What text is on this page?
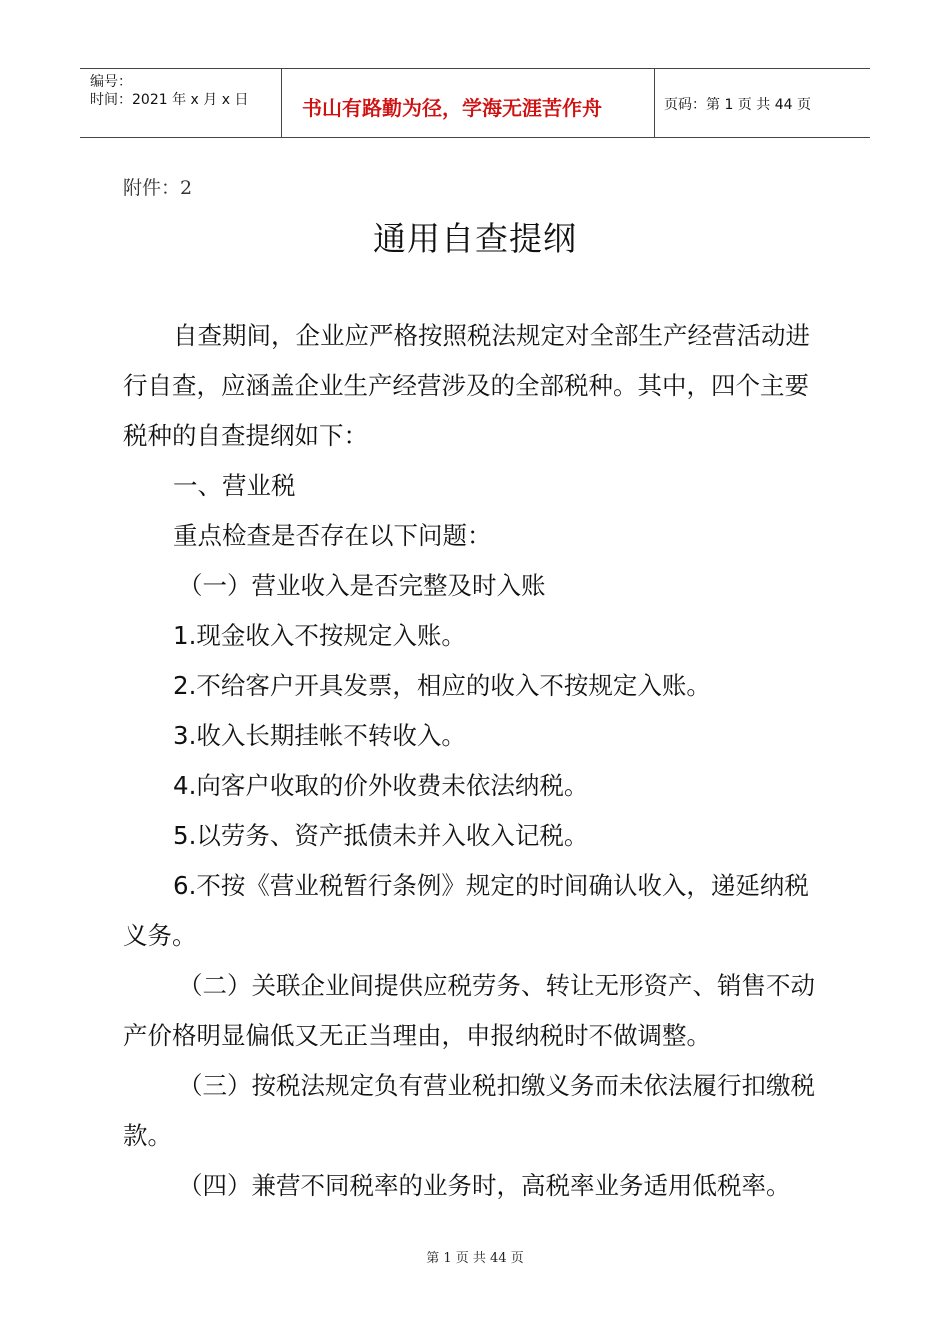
编号：
时间：2021 年 x 月 x 日	书山有路勤为径，学海无涯苦作舟	页码：第 1 页 共 44 页
附件：2
通用自查提纲

自查期间，企业应严格按照税法规定对全部生产经营活动进行自查，应涵盖企业生产经营涉及的全部税种。其中，四个主要税种的自查提纲如下：

一、营业税

重点检查是否存在以下问题：

（一）营业收入是否完整及时入账

1.现金收入不按规定入账。

2.不给客户开具发票，相应的收入不按规定入账。

3.收入长期挂帐不转收入。

4.向客户收取的价外收费未依法纳税。

5.以劳务、资产抵债未并入收入记税。

6.不按《营业税暂行条例》规定的时间确认收入，递延纳税义务。

（二）关联企业间提供应税劳务、转让无形资产、销售不动产价格明显偏低又无正当理由，申报纳税时不做调整。

（三）按税法规定负有营业税扣缴义务而未依法履行扣缴税款。

（四）兼营不同税率的业务时，高税率业务适用低税率。

第 1 页 共 44 页
